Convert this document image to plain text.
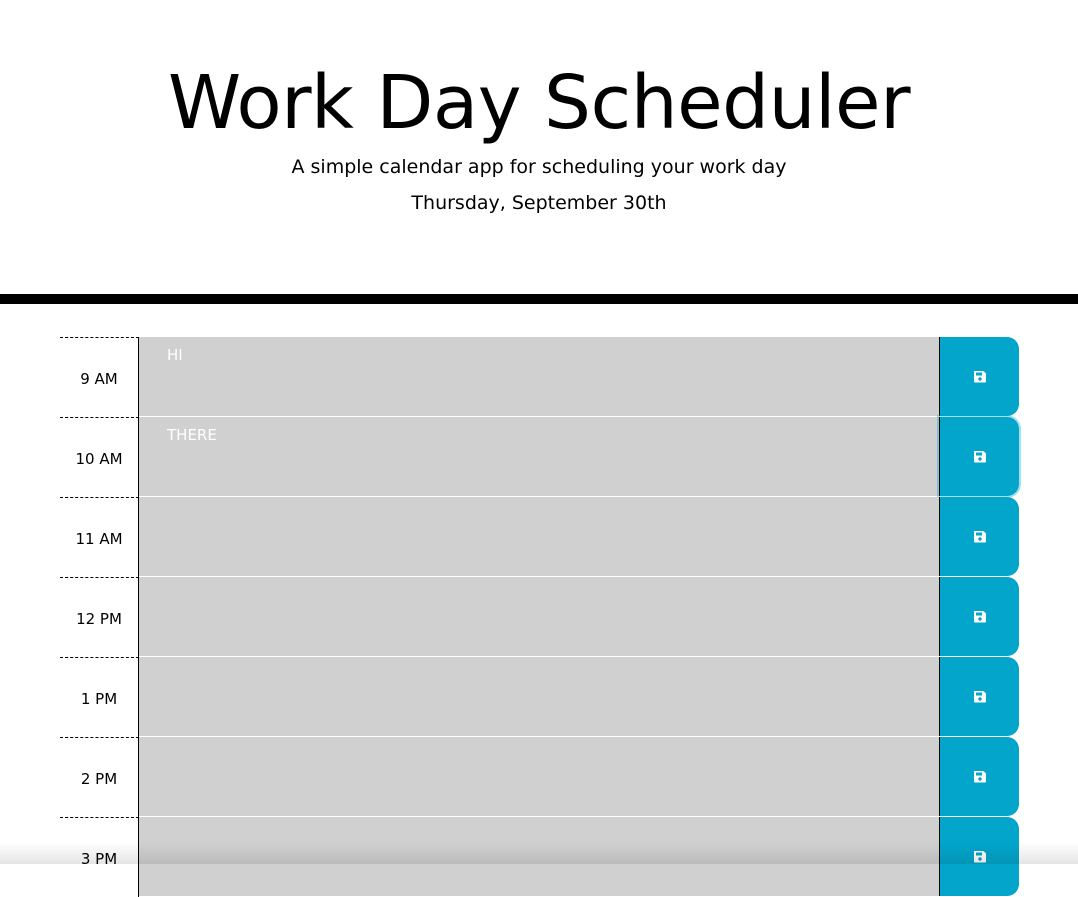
Work Day Scheduler

A simple calendar app for scheduling your work day

Thursday, September 30th

9 AM
HI
10 AM
THERE
11 AM
12 PM
1 PM
2 PM
3 PM
